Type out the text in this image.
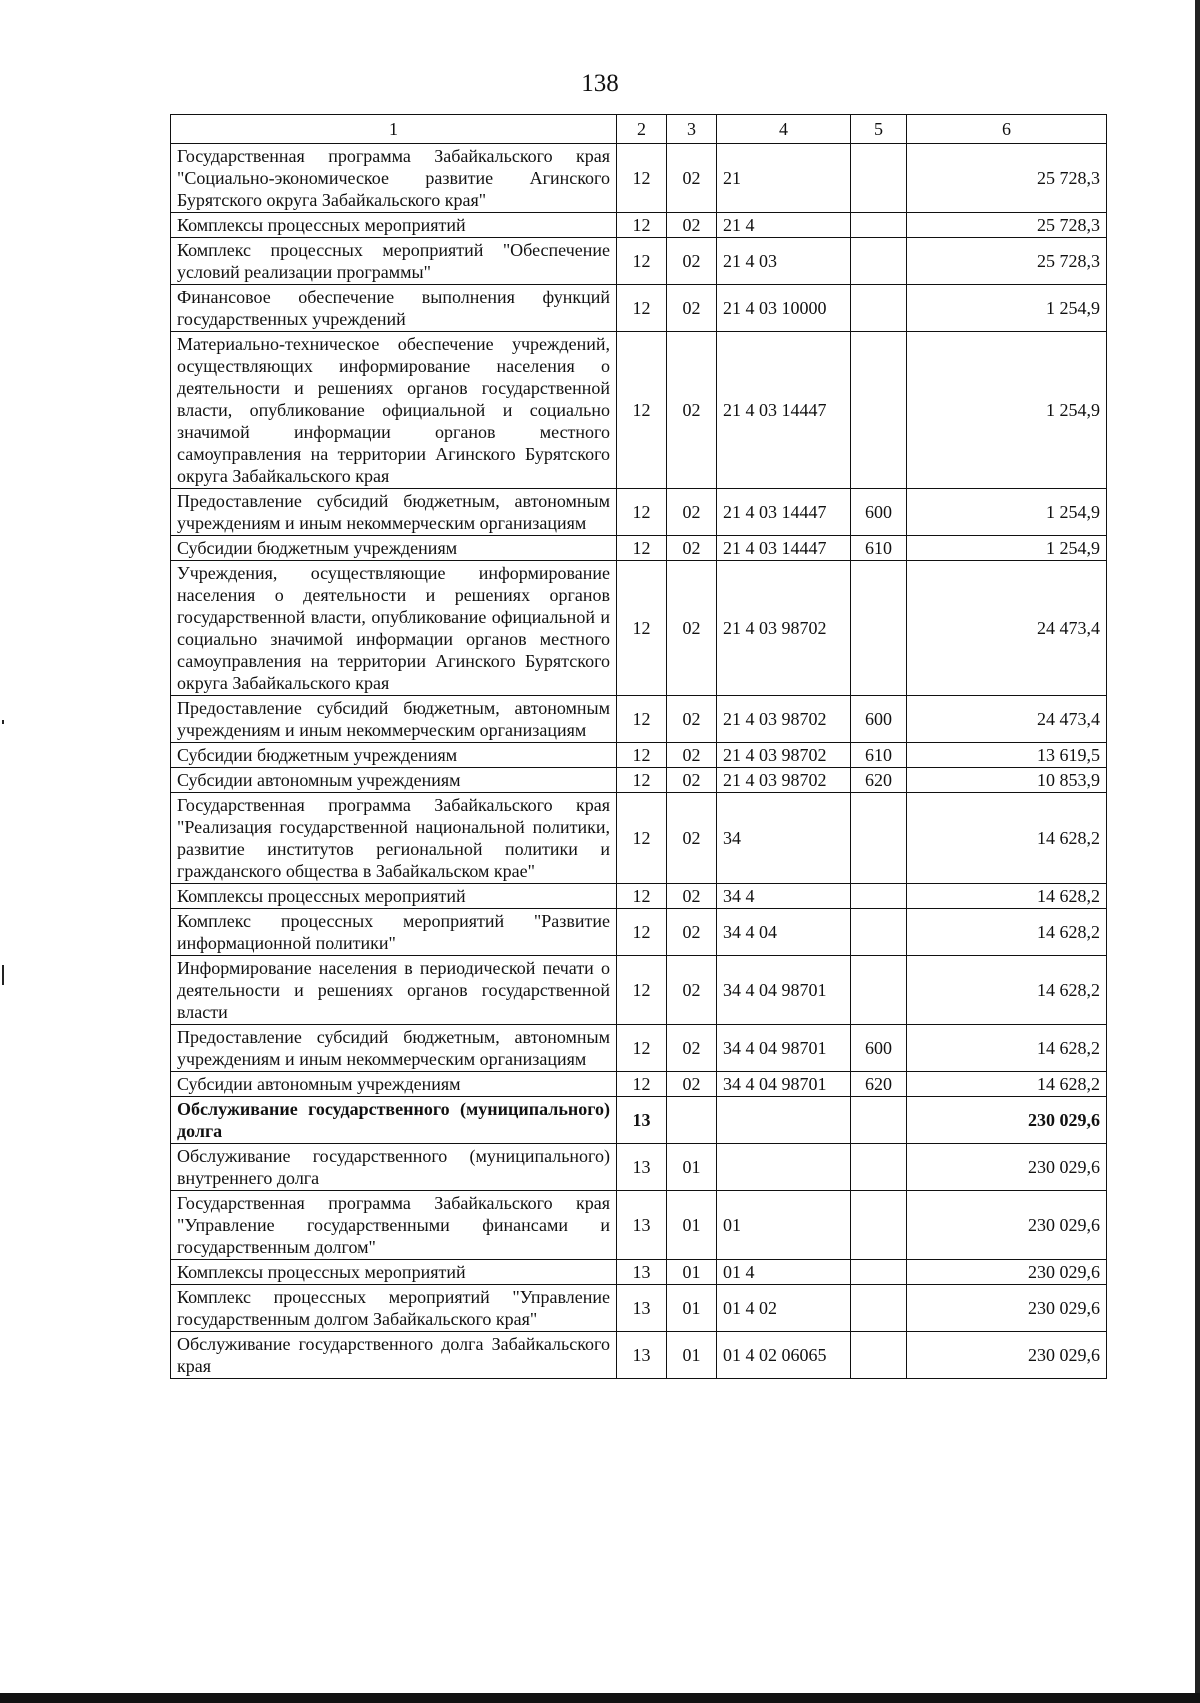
138
1	2	3	4	5	6
Государственная программа Забайкальского края "Социально-экономическое развитие Агинского Бурятского округа Забайкальского края"	12	02	21		25 728,3
Комплексы процессных мероприятий	12	02	21 4		25 728,3
Комплекс процессных мероприятий "Обеспечение условий реализации программы"	12	02	21 4 03		25 728,3
Финансовое обеспечение выполнения функций государственных учреждений	12	02	21 4 03 10000		1 254,9
Материально-техническое обеспечение учреждений, осуществляющих информирование населения о деятельности и решениях органов государственной власти, опубликование официальной и социально значимой информации органов местного самоуправления на территории Агинского Бурятского округа Забайкальского края	12	02	21 4 03 14447		1 254,9
Предоставление субсидий бюджетным, автономным учреждениям и иным некоммерческим организациям	12	02	21 4 03 14447	600	1 254,9
Субсидии бюджетным учреждениям	12	02	21 4 03 14447	610	1 254,9
Учреждения, осуществляющие информирование населения о деятельности и решениях органов государственной власти, опубликование официальной и социально значимой информации органов местного самоуправления на территории Агинского Бурятского округа Забайкальского края	12	02	21 4 03 98702		24 473,4
Предоставление субсидий бюджетным, автономным учреждениям и иным некоммерческим организациям	12	02	21 4 03 98702	600	24 473,4
Субсидии бюджетным учреждениям	12	02	21 4 03 98702	610	13 619,5
Субсидии автономным учреждениям	12	02	21 4 03 98702	620	10 853,9
Государственная программа Забайкальского края "Реализация государственной национальной политики, развитие институтов региональной политики и гражданского общества в Забайкальском крае"	12	02	34		14 628,2
Комплексы процессных мероприятий	12	02	34 4		14 628,2
Комплекс процессных мероприятий "Развитие информационной политики"	12	02	34 4 04		14 628,2
Информирование населения в периодической печати о деятельности и решениях органов государственной власти	12	02	34 4 04 98701		14 628,2
Предоставление субсидий бюджетным, автономным учреждениям и иным некоммерческим организациям	12	02	34 4 04 98701	600	14 628,2
Субсидии автономным учреждениям	12	02	34 4 04 98701	620	14 628,2
Обслуживание государственного (муниципального) долга	13				230 029,6
Обслуживание государственного (муниципального) внутреннего долга	13	01			230 029,6
Государственная программа Забайкальского края "Управление государственными финансами и государственным долгом"	13	01	01		230 029,6
Комплексы процессных мероприятий	13	01	01 4		230 029,6
Комплекс процессных мероприятий "Управление государственным долгом Забайкальского края"	13	01	01 4 02		230 029,6
Обслуживание государственного долга Забайкальского края	13	01	01 4 02 06065		230 029,6
